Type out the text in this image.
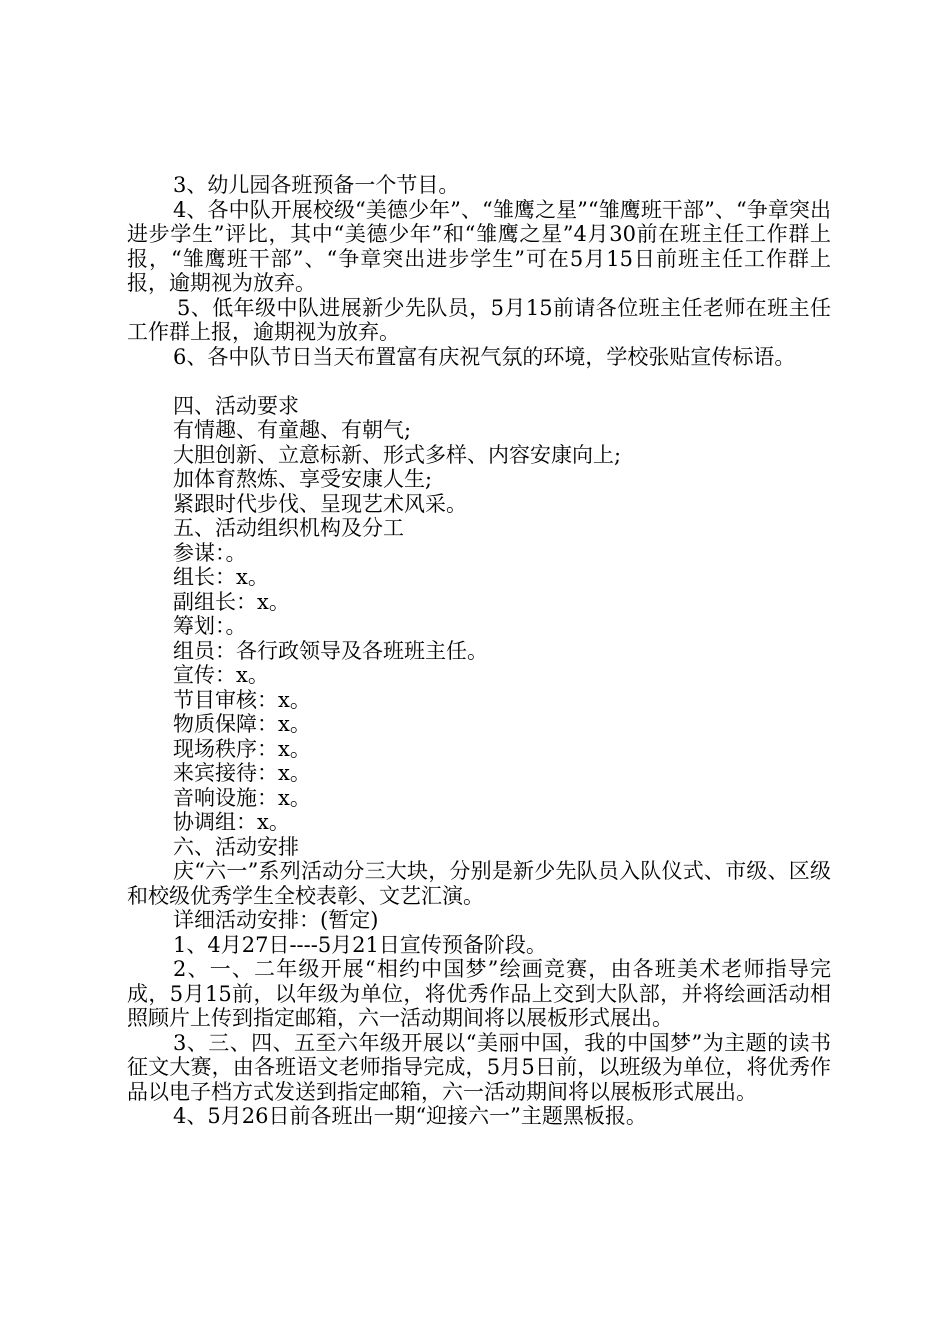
3、幼儿园各班预备一个节目。

4、各中队开展校级“美德少年”、“雏鹰之星”“雏鹰班干部”、“争章突出进步学生”评比，其中“美德少年”和“雏鹰之星”4月30前在班主任工作群上报，“雏鹰班干部”、“争章突出进步学生”可在5月15日前班主任工作群上报，逾期视为放弃。

5、低年级中队进展新少先队员，5月15前请各位班主任老师在班主任工作群上报，逾期视为放弃。

6、各中队节日当天布置富有庆祝气氛的环境，学校张贴宣传标语。

四、活动要求

有情趣、有童趣、有朝气;

大胆创新、立意标新、形式多样、内容安康向上;

加体育熬炼、享受安康人生;

紧跟时代步伐、呈现艺术风采。

五、活动组织机构及分工

参谋：。

组长：x。

副组长：x。

筹划：。

组员：各行政领导及各班班主任。

宣传：x。

节目审核：x。

物质保障：x。

现场秩序：x。

来宾接待：x。

音响设施：x。

协调组：x。

六、活动安排

庆“六一”系列活动分三大块，分别是新少先队员入队仪式、市级、区级和校级优秀学生全校表彰、文艺汇演。

详细活动安排：(暂定)

1、4月27日----5月21日宣传预备阶段。

2、一、二年级开展“相约中国梦”绘画竞赛，由各班美术老师指导完成，5月15前，以年级为单位，将优秀作品上交到大队部，并将绘画活动相照顾片上传到指定邮箱，六一活动期间将以展板形式展出。

3、三、四、五至六年级开展以“美丽中国，我的中国梦”为主题的读书征文大赛，由各班语文老师指导完成，5月5日前，以班级为单位，将优秀作品以电子档方式发送到指定邮箱，六一活动期间将以展板形式展出。

4、5月26日前各班出一期“迎接六一”主题黑板报。
